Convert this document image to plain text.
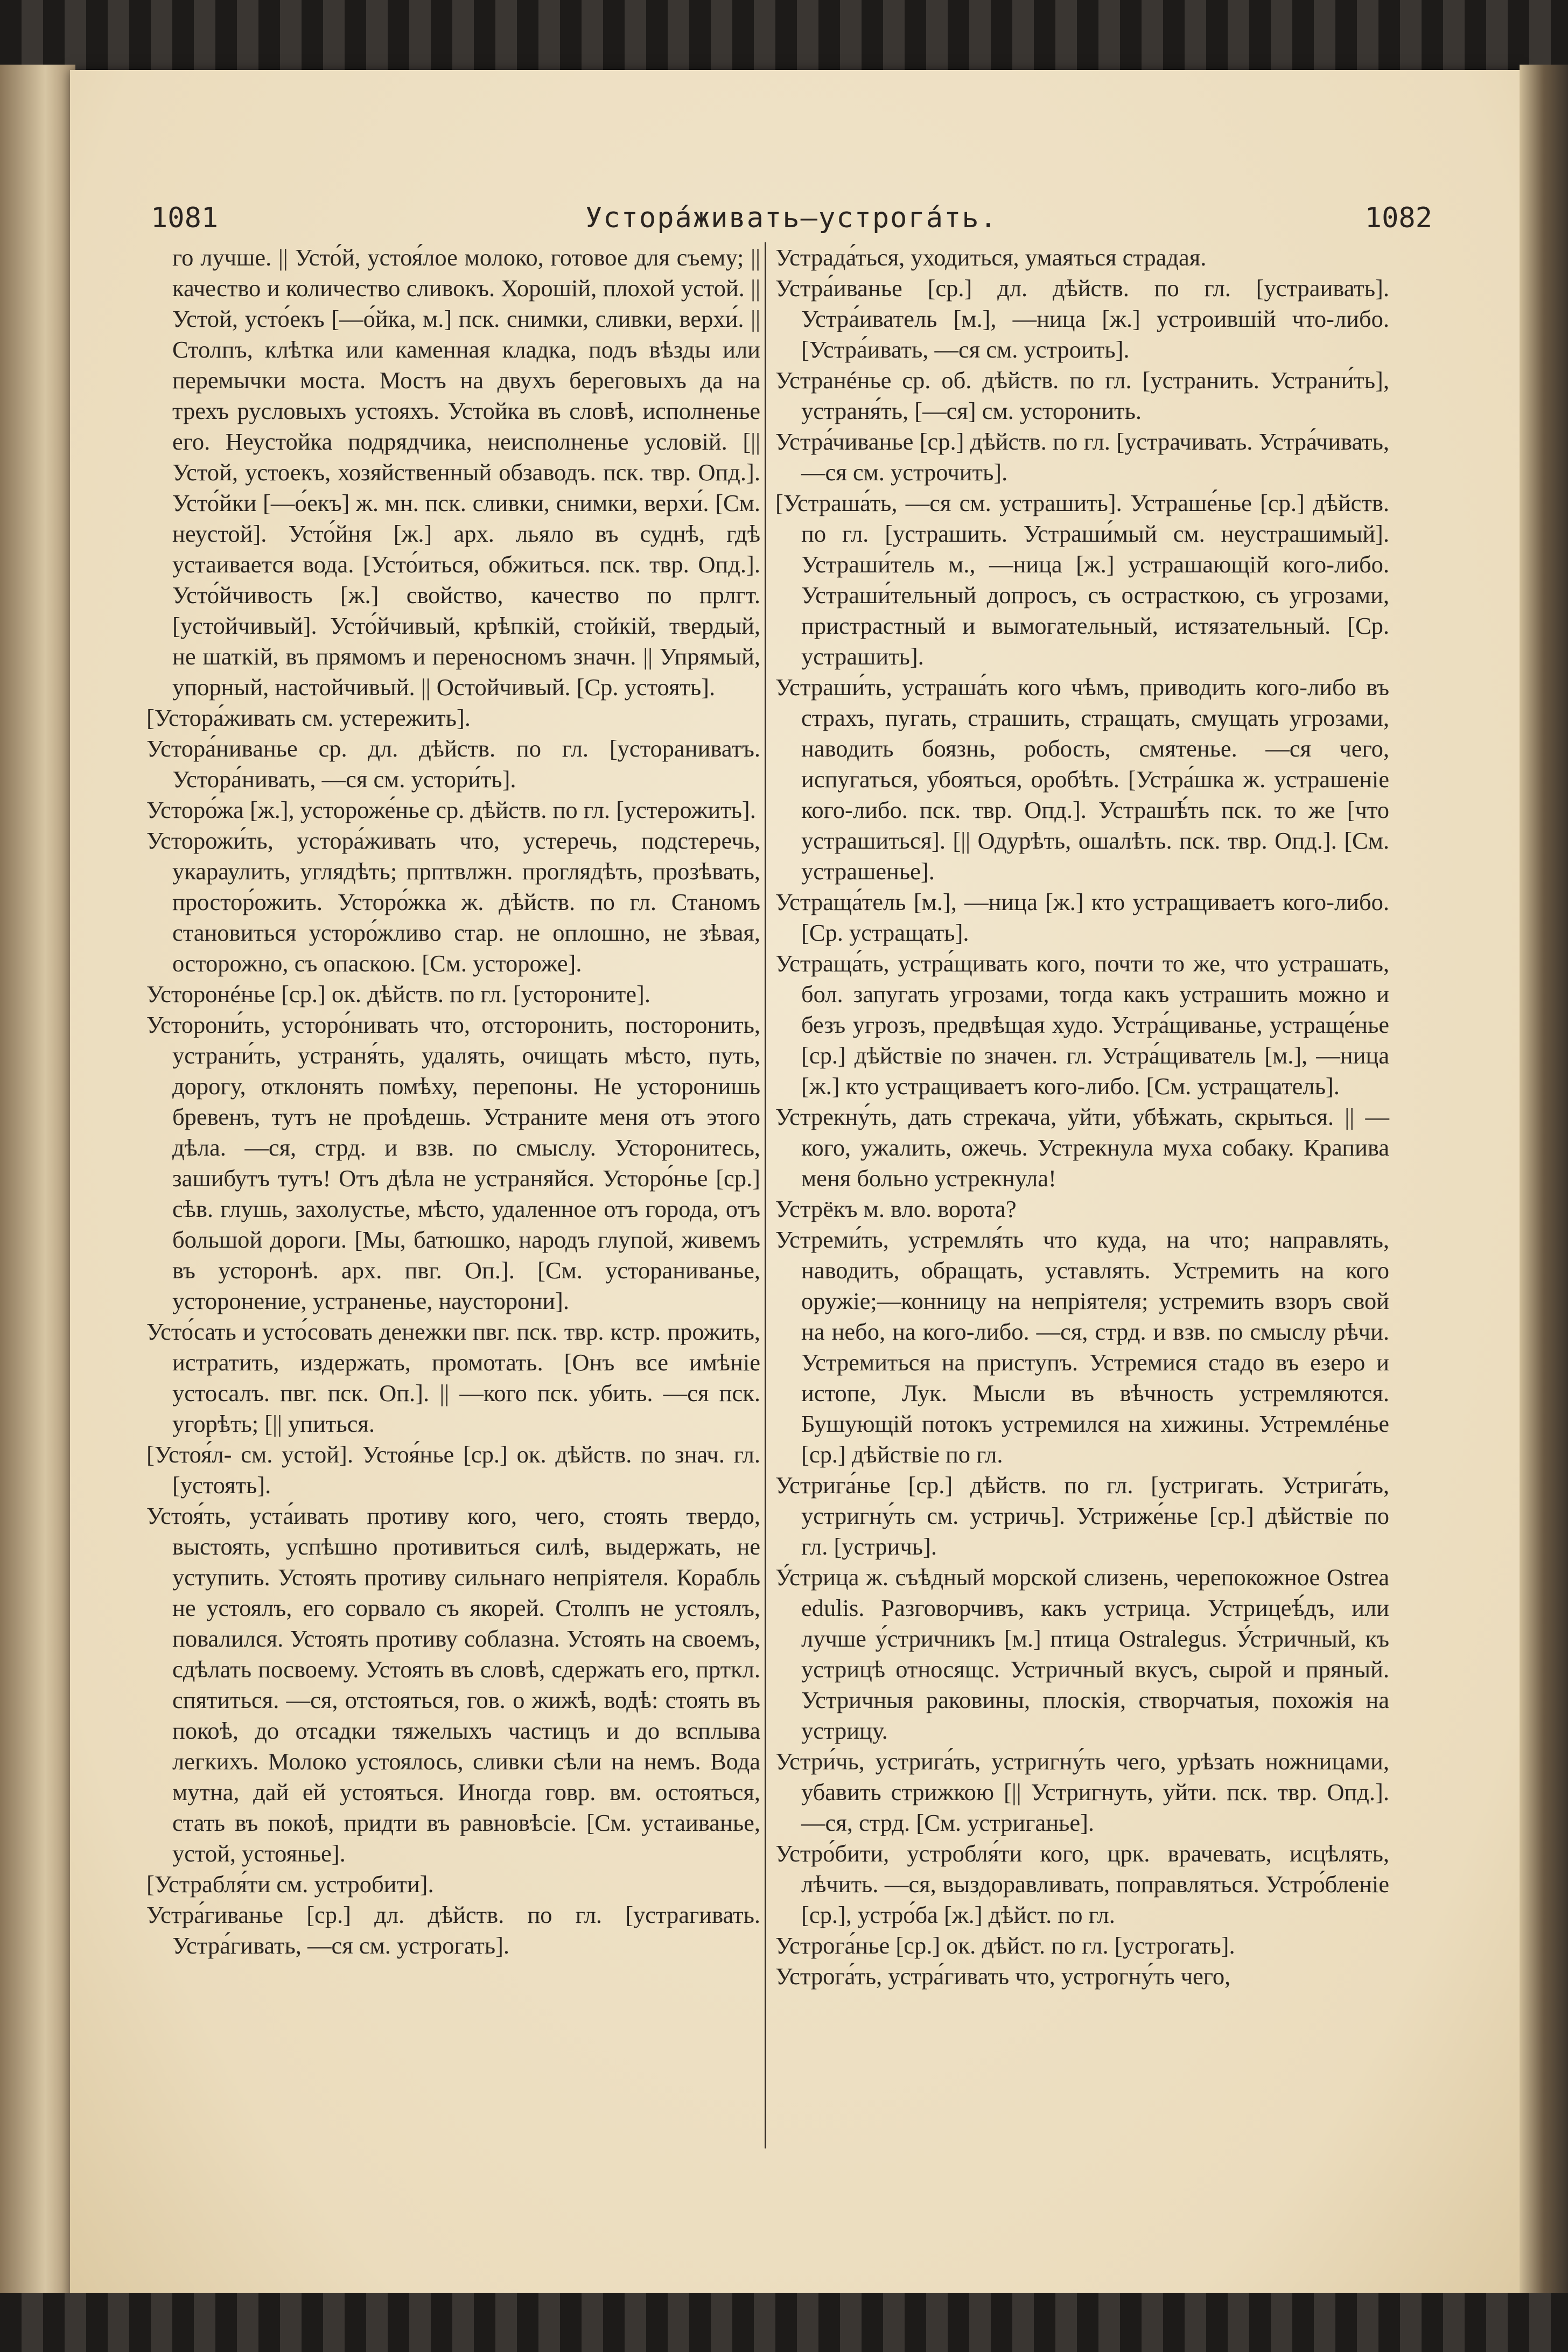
1081	Устора́живать—устрога́ть.	1082

го лучше. || Усто́й, устоя́лое молоко, готовое для съему; || качество и количество сливокъ. Хорошій, плохой устой. || Устой, усто́екъ [—о́йка, м.] пск. снимки, сливки, верхи́. || Столпъ, клѣтка или каменная кладка, подъ вѣзды или перемычки моста. Мостъ на двухъ береговыхъ да на трехъ русловыхъ устояхъ. Устойка въ словѣ, исполненье его. Неустойка подрядчика, неисполненье условій. [|| Устой, устоекъ, хозяйственный обзаводъ. пск. твр. Опд.]. Усто́йки [—о́екъ] ж. мн. пск. сливки, снимки, верхи́. [См. неустой]. Усто́йня [ж.] арх. льяло въ суднѣ, гдѣ устаивается вода. [Усто́иться, обжиться. пск. твр. Опд.]. Усто́йчивость [ж.] свойство, качество по прлгт. [устойчивый]. Усто́йчивый, крѣпкій, стойкій, твердый, не шаткій, въ прямомъ и переносномъ значн. || Упрямый, упорный, настойчивый. || Остойчивый. [Ср. устоять].

[Устора́живать см. устережить].

Устора́ниванье ср. дл. дѣйств. по гл. [устораниватъ. Устора́нивать, —ся см. устори́ть].

Усторо́жа [ж.], устороже́нье ср. дѣйств. по гл. [устерожить].

Усторожи́ть, устора́живать что, устеречь, подстеречь, укараулить, углядѣть; прптвлжн. проглядѣть, прозѣвать, простор́ожить. Усторо́жка ж. дѣйств. по гл. Станомъ становиться усторо́жливо стар. не оплошно, не зѣвая, осторожно, съ опаскою. [См. устороже].

Усторонéнье [ср.] ок. дѣйств. по гл. [устороните].

Усторони́ть, усторо́нивать что, отсторонить, посторонить, устрани́ть, устраня́ть, удалять, очищать мѣсто, путь, дорогу, отклонять помѣху, перепоны. Не усторонишь бревенъ, тутъ не проѣдешь. Устраните меня отъ этого дѣла. —ся, стрд. и взв. по смыслу. Усторонитесь, зашибутъ тутъ! Отъ дѣла не устраняйся. Усторо́нье [ср.] сѣв. глушь, захолустье, мѣсто, удаленное отъ города, отъ большой дороги. [Мы, батюшко, народъ глупой, живемъ въ усторонѣ. арх. пвг. Оп.]. [См. устораниванье, усторонение, устраненье, наусторони].

Усто́сать и усто́совать денежки пвг. пск. твр. кстр. прожить, истратить, издержать, промотать. [Онъ все имѣніе устосалъ. пвг. пск. Оп.]. || —кого пск. убить. —ся пск. угорѣть; [|| упиться.

[Устоя́л- см. устой]. Устоя́нье [ср.] ок. дѣйств. по знач. гл. [устоять].

Устоя́ть, уста́ивать противу кого, чего, стоять твердо, выстоять, успѣшно противиться силѣ, выдержать, не уступить. Устоять противу сильнаго непріятеля. Корабль не устоялъ, его сорвало съ якорей. Столпъ не устоялъ, повалился. Устоять противу соблазна. Устоять на своемъ, сдѣлать посвоему. Устоять въ словѣ, сдержать его, прткл. спятиться. —ся, отстояться, гов. о жижѣ, водѣ: стоять въ покоѣ, до отсадки тяжелыхъ частицъ и до всплыва легкихъ. Молоко устоялось, сливки сѣли на немъ. Вода мутна, дай ей устояться. Иногда говр. вм. остояться, стать въ покоѣ, придти въ равновѣсіе. [См. устаиванье, устой, устоянье].

[Устрабля́ти см. устробити].

Устра́гиванье [ср.] дл. дѣйств. по гл. [устрагивать. Устра́гивать, —ся см. устрогать].

Устрада́ться, уходиться, умаяться страдая.

Устра́иванье [ср.] дл. дѣйств. по гл. [устраивать]. Устра́иватель [м.], —ница [ж.] устроившій что-либо. [Устра́ивать, —ся см. устроить].

Устранéнье ср. об. дѣйств. по гл. [устранить. Устрани́ть], устраня́ть, [—ся] см. усторонить.

Устра́чиванье [ср.] дѣйств. по гл. [устрачивать. Устра́чивать, —ся см. устрочить].

[Устраша́ть, —ся см. устрашить]. Устраше́нье [ср.] дѣйств. по гл. [устрашить. Устраши́мый см. неустрашимый]. Устраши́тель м., —ница [ж.] устрашающій кого-либо. Устраши́тельный допросъ, съ острасткою, съ угрозами, пристрастный и вымогательный, истязательный. [Ср. устрашить].

Устраши́ть, устраша́ть кого чѣмъ, приводить кого-либо въ страхъ, пугать, страшить, стращать, смущать угрозами, наводить боязнь, робость, смятенье. —ся чего, испугаться, убояться, оробѣть. [Устра́шка ж. устрашеніе кого-либо. пск. твр. Опд.]. Устрашѣ́ть пск. то же [что устрашиться]. [|| Одурѣть, ошалѣть. пск. твр. Опд.]. [См. устрашенье].

Устраща́тель [м.], —ница [ж.] кто устращиваетъ кого-либо. [Ср. устращать].

Устраща́ть, устра́щивать кого, почти то же, что устрашать, бол. запугать угрозами, тогда какъ устрашить можно и безъ угрозъ, предвѣщая худо. Устра́щиванье, устраще́нье [ср.] дѣйствіе по значен. гл. Устра́щиватель [м.], —ница [ж.] кто устращиваетъ кого-либо. [См. устращатель].

Устрекну́ть, дать стрекача, уйти, убѣжать, скрыться. || —кого, ужалить, ожечь. Устрекнула муха собаку. Крапива меня больно устрекнула!

Устрёкъ м. вло. ворота?

Устреми́ть, устремля́ть что куда, на что; направлять, наводить, обращать, уставлять. Устремить на кого оружіе;—конницу на непріятеля; устремить взоръ свой на небо, на кого-либо. —ся, стрд. и взв. по смыслу рѣчи. Устремиться на приступъ. Устремися стадо въ езеро и истопе, Лук. Мысли въ вѣчность устремляются. Бушующій потокъ устремился на хижины. Устремлéнье [ср.] дѣйствіе по гл.

Устрига́нье [ср.] дѣйств. по гл. [устригать. Устрига́ть, устригну́ть см. устричь]. Устриже́нье [ср.] дѣйствіе по гл. [устричь].

У́стрица ж. съѣдный морской слизень, черепокожное Ostrea edulis. Разговорчивъ, какъ устрица. Устрицеѣ́дъ, или лучше у́стричникъ [м.] птица Ostralegus. У́стричный, къ устрицѣ относящс. Устричный вкусъ, сырой и пряный. Устричныя раковины, плоскія, створчатыя, похожія на устрицу.

Устри́чь, устрига́ть, устригну́ть чего, урѣзать ножницами, убавить стрижкою [|| Устригнуть, уйти. пск. твр. Опд.]. —ся, стрд. [См. устриганье].

Устро́бити, устробля́ти кого, црк. врачевать, исцѣлять, лѣчить. —ся, выздоравливать, поправляться. Устро́бленіе [ср.], устро́ба [ж.] дѣйст. по гл.

Устрога́нье [ср.] ок. дѣйст. по гл. [устрогать].

Устрога́ть, устра́гивать что, устрогну́ть чего,
